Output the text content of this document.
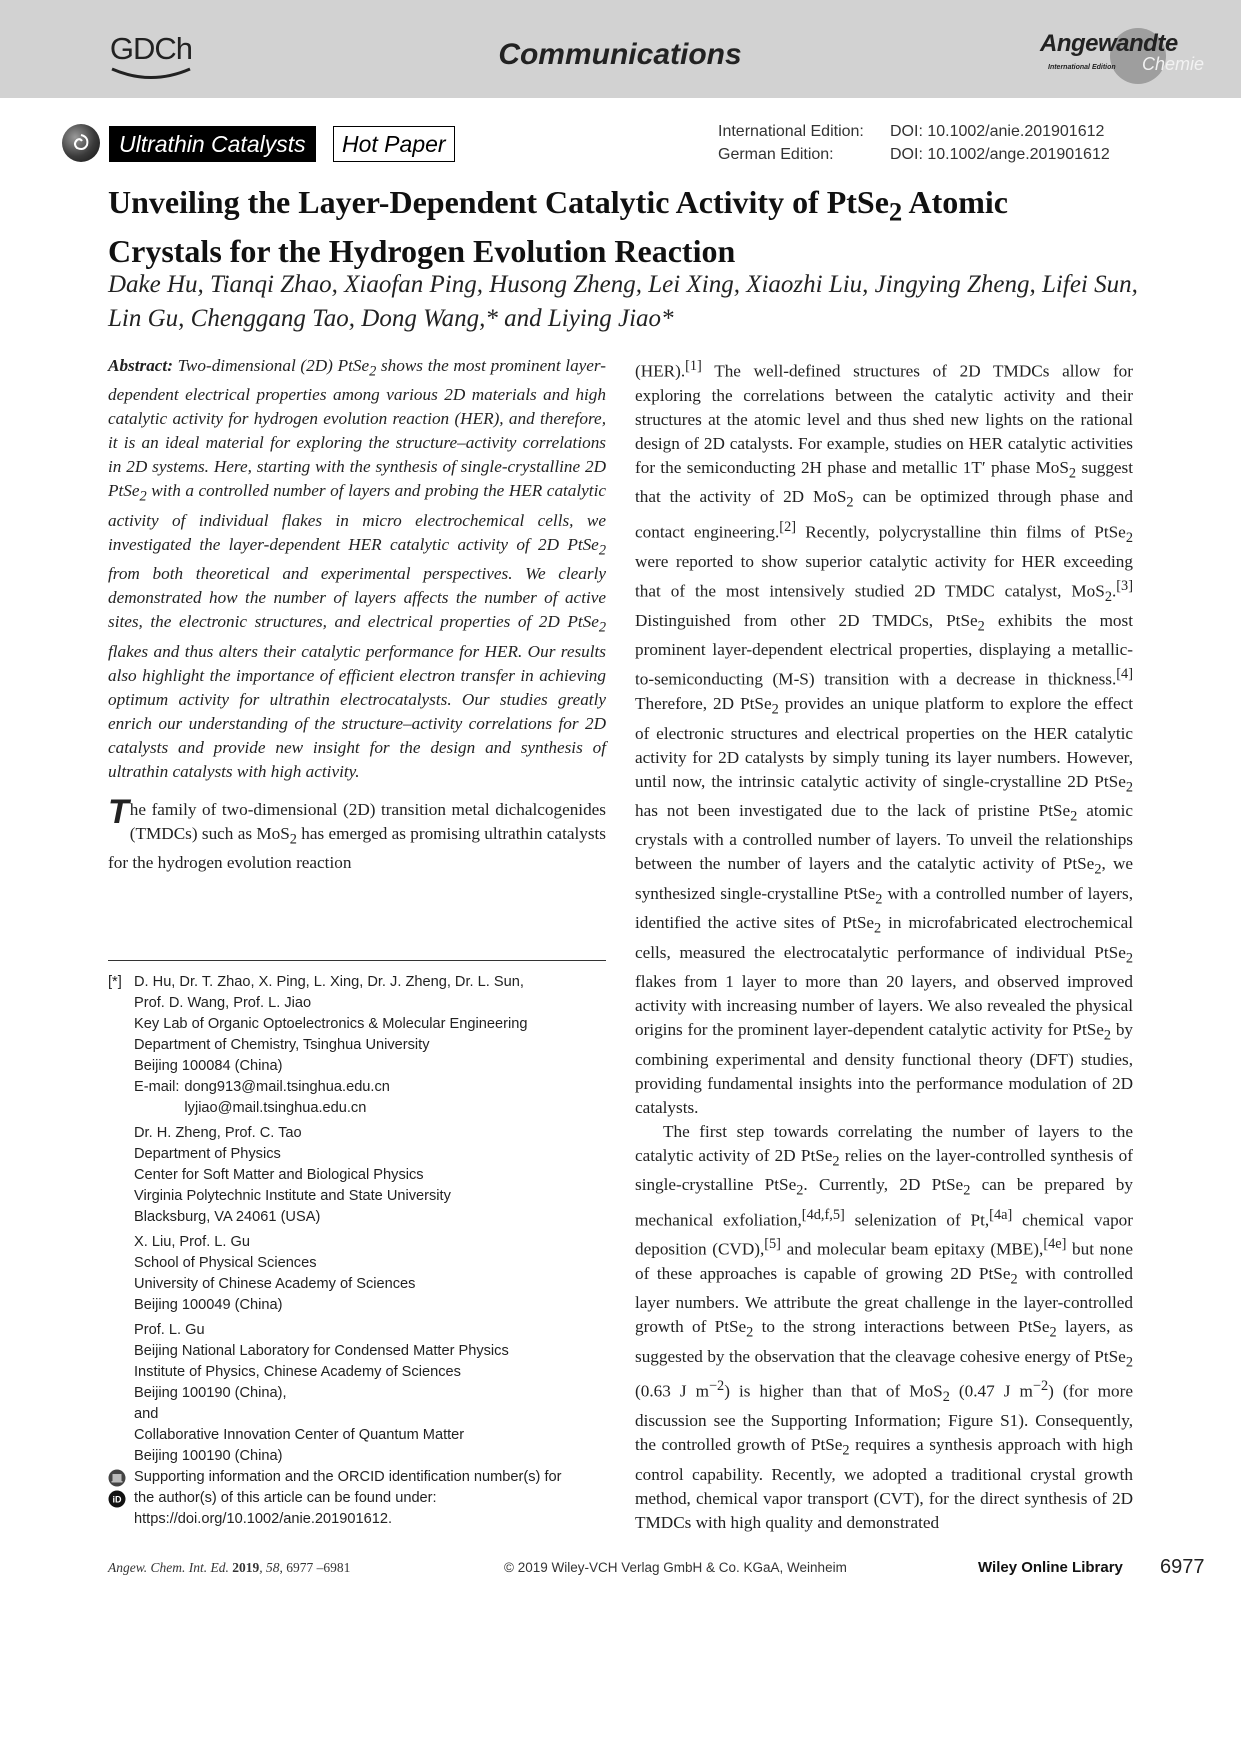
GDCh	Communications	Angewandte
International Edition Chemie
Ultrathin Catalysts	Hot Paper	International Edition:	DOI: 10.1002/anie.201901612
German Edition:	DOI: 10.1002/ange.201901612
Unveiling the Layer-Dependent Catalytic Activity of PtSe$_2$ Atomic Crystals for the Hydrogen Evolution Reaction
Dake Hu, Tianqi Zhao, Xiaofan Ping, Husong Zheng, Lei Xing, Xiaozhi Liu, Jingying Zheng, Lifei Sun, Lin Gu, Chenggang Tao, Dong Wang,* and Liying Jiao*
Abstract: Two-dimensional (2D) PtSe$_2$ shows the most prominent layer-dependent electrical properties among various 2D materials and high catalytic activity for hydrogen evolution reaction (HER), and therefore, it is an ideal material for exploring the structure–activity correlations in 2D systems. Here, starting with the synthesis of single-crystalline 2D PtSe$_2$ with a controlled number of layers and probing the HER catalytic activity of individual flakes in micro electrochemical cells, we investigated the layer-dependent HER catalytic activity of 2D PtSe$_2$ from both theoretical and experimental perspectives. We clearly demonstrated how the number of layers affects the number of active sites, the electronic structures, and electrical properties of 2D PtSe$_2$ flakes and thus alters their catalytic performance for HER. Our results also highlight the importance of efficient electron transfer in achieving optimum activity for ultrathin electrocatalysts. Our studies greatly enrich our understanding of the structure–activity correlations for 2D catalysts and provide new insight for the design and synthesis of ultrathin catalysts with high activity.
The family of two-dimensional (2D) transition metal dichalcogenides (TMDCs) such as MoS$_2$ has emerged as promising ultrathin catalysts for the hydrogen evolution reaction
[*] D. Hu, Dr. T. Zhao, X. Ping, L. Xing, Dr. J. Zheng, Dr. L. Sun,
Prof. D. Wang, Prof. L. Jiao
Key Lab of Organic Optoelectronics & Molecular Engineering
Department of Chemistry, Tsinghua University
Beijing 100084 (China)
E-mail: dong913@mail.tsinghua.edu.cn
lyjiao@mail.tsinghua.edu.cn
Dr. H. Zheng, Prof. C. Tao
Department of Physics
Center for Soft Matter and Biological Physics
Virginia Polytechnic Institute and State University
Blacksburg, VA 24061 (USA)
X. Liu, Prof. L. Gu
School of Physical Sciences
University of Chinese Academy of Sciences
Beijing 100049 (China)
Prof. L. Gu
Beijing National Laboratory for Condensed Matter Physics
Institute of Physics, Chinese Academy of Sciences
Beijing 100190 (China),
and
Collaborative Innovation Center of Quantum Matter
Beijing 100190 (China)
iD
Supporting information and the ORCID identification number(s) for
the author(s) of this article can be found under:
https://doi.org/10.1002/anie.201901612.

(HER).[1] The well-defined structures of 2D TMDCs allow for exploring the correlations between the catalytic activity and their structures at the atomic level and thus shed new lights on the rational design of 2D catalysts. For example, studies on HER catalytic activities for the semiconducting 2H phase and metallic 1T′ phase MoS$_2$ suggest that the activity of 2D MoS$_2$ can be optimized through phase and contact engineering.[2] Recently, polycrystalline thin films of PtSe$_2$ were reported to show superior catalytic activity for HER exceeding that of the most intensively studied 2D TMDC catalyst, MoS$_2$.[3] Distinguished from other 2D TMDCs, PtSe$_2$ exhibits the most prominent layer-dependent electrical properties, displaying a metallic-to-semiconducting (M-S) transition with a decrease in thickness.[4] Therefore, 2D PtSe$_2$ provides an unique platform to explore the effect of electronic structures and electrical properties on the HER catalytic activity for 2D catalysts by simply tuning its layer numbers. However, until now, the intrinsic catalytic activity of single-crystalline 2D PtSe$_2$ has not been investigated due to the lack of pristine PtSe$_2$ atomic crystals with a controlled number of layers. To unveil the relationships between the number of layers and the catalytic activity of PtSe$_2$, we synthesized single-crystalline PtSe$_2$ with a controlled number of layers, identified the active sites of PtSe$_2$ in microfabricated electrochemical cells, measured the electrocatalytic performance of individual PtSe$_2$ flakes from 1 layer to more than 20 layers, and observed improved activity with increasing number of layers. We also revealed the physical origins for the prominent layer-dependent catalytic activity for PtSe$_2$ by combining experimental and density functional theory (DFT) studies, providing fundamental insights into the performance modulation of 2D catalysts.

The first step towards correlating the number of layers to the catalytic activity of 2D PtSe$_2$ relies on the layer-controlled synthesis of single-crystalline PtSe$_2$. Currently, 2D PtSe$_2$ can be prepared by mechanical exfoliation,[4d,f,5] selenization of Pt,[4a] chemical vapor deposition (CVD),[5] and molecular beam epitaxy (MBE),[4e] but none of these approaches is capable of growing 2D PtSe$_2$ with controlled layer numbers. We attribute the great challenge in the layer-controlled growth of PtSe$_2$ to the strong interactions between PtSe$_2$ layers, as suggested by the observation that the cleavage cohesive energy of PtSe$_2$ (0.63 J $m^{-2}$) is higher than that of MoS$_2$ (0.47 J $m^{-2}$) (for more discussion see the Supporting Information; Figure S1). Consequently, the controlled growth of PtSe$_2$ requires a synthesis approach with high control capability. Recently, we adopted a traditional crystal growth method, chemical vapor transport (CVT), for the direct synthesis of 2D TMDCs with high quality and demonstrated

Angew. Chem. Int. Ed. 2019, 58, 6977 –6981	© 2019 Wiley-VCH Verlag GmbH & Co. KGaA, Weinheim	Wiley Online Library 6977
